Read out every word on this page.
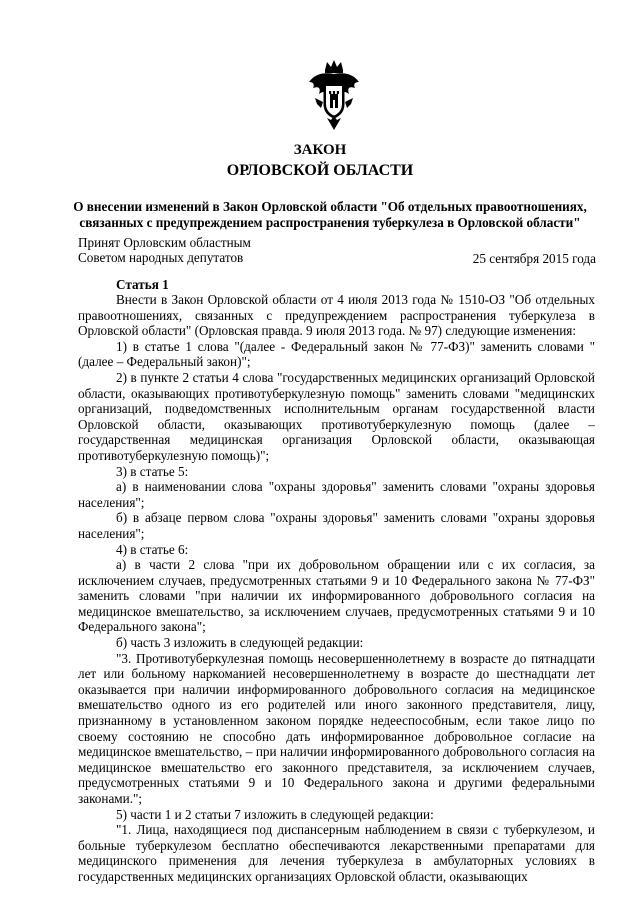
ЗАКОН
ОРЛОВСКОЙ ОБЛАСТИ
О внесении изменений в Закон Орловской области "Об отдельных правоотношениях, связанных с предупреждением распространения туберкулеза в Орловской области"
Принят Орловским областным
Советом народных депутатов	25 сентября 2015 года
Статья 1

Внести в Закон Орловской области от 4 июля 2013 года № 1510-ОЗ "Об отдельных правоотношениях, связанных с предупреждением распространения туберкулеза в Орловской области" (Орловская правда. 9 июля 2013 года. № 97) следующие изменения:

1) в статье 1 слова "(далее - Федеральный закон № 77-ФЗ)" заменить словами "(далее – Федеральный закон)";

2) в пункте 2 статьи 4 слова "государственных медицинских организаций Орловской области, оказывающих противотуберкулезную помощь" заменить словами "медицинских организаций, подведомственных исполнительным органам государственной власти Орловской области, оказывающих противотуберкулезную помощь (далее – государственная медицинская организация Орловской области, оказывающая противотуберкулезную помощь)";

3) в статье 5:

а) в наименовании слова "охраны здоровья" заменить словами "охраны здоровья населения";

б) в абзаце первом слова "охраны здоровья" заменить словами "охраны здоровья населения";

4) в статье 6:

а) в части 2 слова "при их добровольном обращении или с их согласия, за исключением случаев, предусмотренных статьями 9 и 10 Федерального закона № 77-ФЗ" заменить словами "при наличии их информированного добровольного согласия на медицинское вмешательство, за исключением случаев, предусмотренных статьями 9 и 10 Федерального закона";

б) часть 3 изложить в следующей редакции:

"3. Противотуберкулезная помощь несовершеннолетнему в возрасте до пятнадцати лет или больному наркоманией несовершеннолетнему в возрасте до шестнадцати лет оказывается при наличии информированного добровольного согласия на медицинское вмешательство одного из его родителей или иного законного представителя, лицу, признанному в установленном законом порядке недееспособным, если такое лицо по своему состоянию не способно дать информированное добровольное согласие на медицинское вмешательство, – при наличии информированного добровольного согласия на медицинское вмешательство его законного представителя, за исключением случаев, предусмотренных статьями 9 и 10 Федерального закона и другими федеральными законами.";

5) части 1 и 2 статьи 7 изложить в следующей редакции:

"1. Лица, находящиеся под диспансерным наблюдением в связи с туберкулезом, и больные туберкулезом бесплатно обеспечиваются лекарственными препаратами для медицинского применения для лечения туберкулеза в амбулаторных условиях в государственных медицинских организациях Орловской области, оказывающих
